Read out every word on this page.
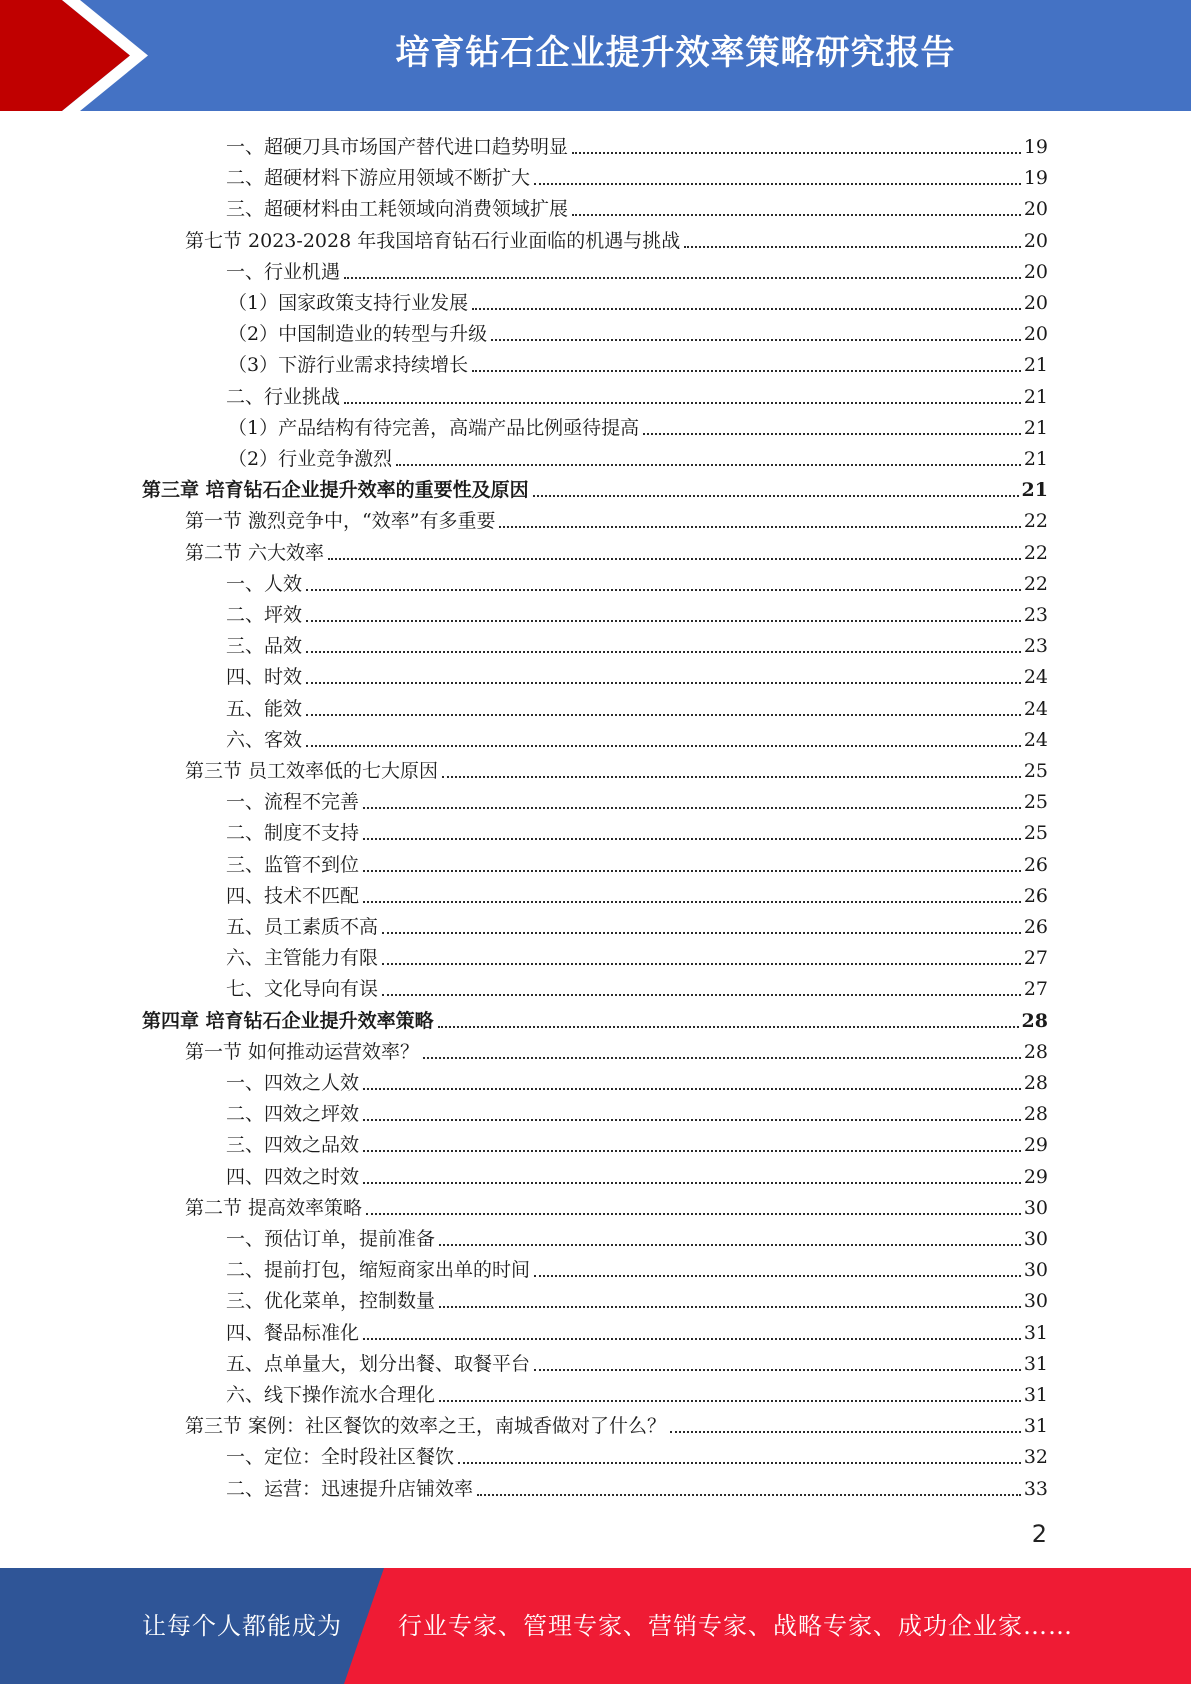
培育钻石企业提升效率策略研究报告
一、超硬刀具市场国产替代进口趋势明显	19
二、超硬材料下游应用领域不断扩大	19
三、超硬材料由工耗领域向消费领域扩展	20
第七节 2023-2028 年我国培育钻石行业面临的机遇与挑战	20
一、行业机遇	20
（1）国家政策支持行业发展	20
（2）中国制造业的转型与升级	20
（3）下游行业需求持续增长	21
二、行业挑战	21
（1）产品结构有待完善，高端产品比例亟待提高	21
（2）行业竞争激烈	21
第三章 培育钻石企业提升效率的重要性及原因	21
第一节 激烈竞争中，“效率”有多重要	22
第二节 六大效率	22
一、人效	22
二、坪效	23
三、品效	23
四、时效	24
五、能效	24
六、客效	24
第三节 员工效率低的七大原因	25
一、流程不完善	25
二、制度不支持	25
三、监管不到位	26
四、技术不匹配	26
五、员工素质不高	26
六、主管能力有限	27
七、文化导向有误	27
第四章 培育钻石企业提升效率策略	28
第一节 如何推动运营效率？	28
一、四效之人效	28
二、四效之坪效	28
三、四效之品效	29
四、四效之时效	29
第二节 提高效率策略	30
一、预估订单，提前准备	30
二、提前打包，缩短商家出单的时间	30
三、优化菜单，控制数量	30
四、餐品标准化	31
五、点单量大，划分出餐、取餐平台	31
六、线下操作流水合理化	31
第三节 案例：社区餐饮的效率之王，南城香做对了什么？	31
一、定位：全时段社区餐饮	32
二、运营：迅速提升店铺效率	33
2
让每个人都能成为 行业专家、管理专家、营销专家、战略专家、成功企业家……
